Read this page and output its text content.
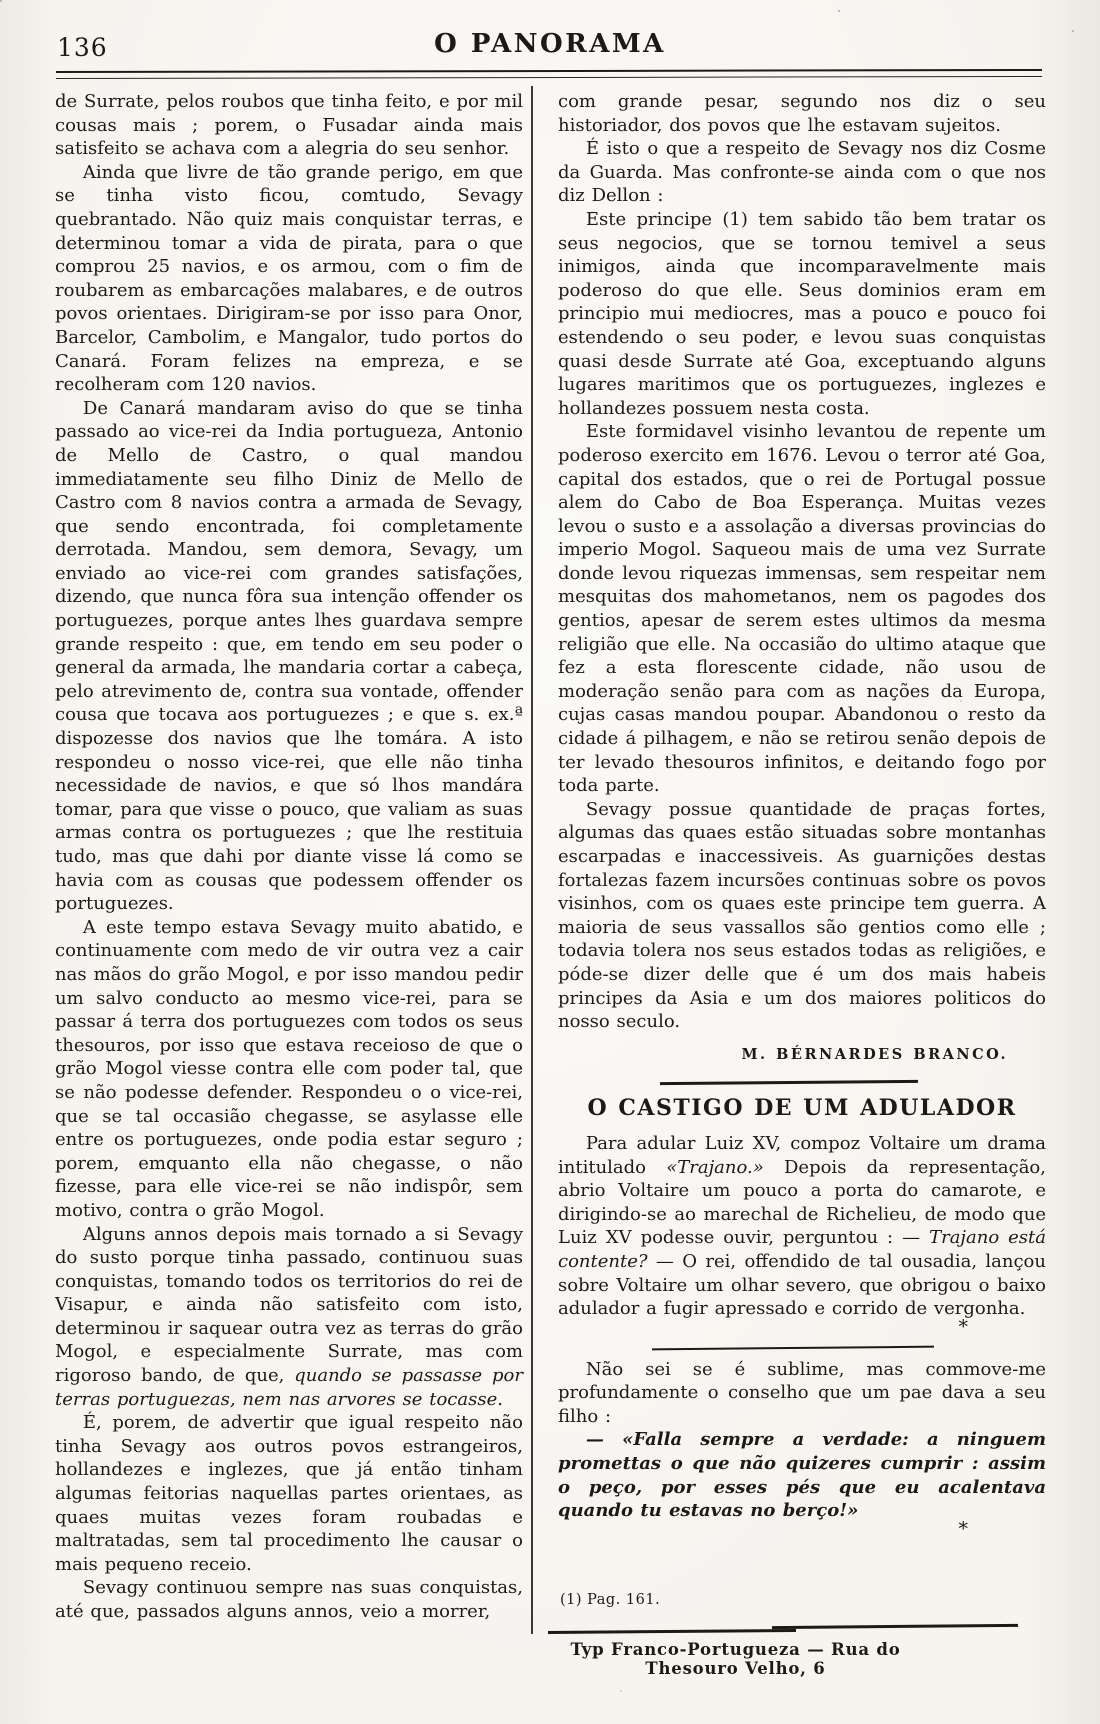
136	O PANORAMA

de Surrate, pelos roubos que tinha feito, e por mil cousas mais ; porem, o Fusadar ainda mais satisfeito se achava com a alegria do seu senhor.

Ainda que livre de tão grande perigo, em que se tinha visto ficou, comtudo, Sevagy quebrantado. Não quiz mais conquistar terras, e determinou tomar a vida de pirata, para o que comprou 25 navios, e os armou, com o fim de roubarem as embarcações malabares, e de outros povos orientaes. Dirigiram-se por isso para Onor, Barcelor, Cambolim, e Mangalor, tudo portos do Canará. Foram felizes na empreza, e se recolheram com 120 navios.

De Canará mandaram aviso do que se tinha passado ao vice-rei da India portugueza, Antonio de Mello de Castro, o qual mandou immediatamente seu filho Diniz de Mello de Castro com 8 navios contra a armada de Sevagy, que sendo encontrada, foi completamente derrotada. Mandou, sem demora, Sevagy, um enviado ao vice-rei com grandes satisfações, dizendo, que nunca fôra sua intenção offender os portuguezes, porque antes lhes guardava sempre grande respeito : que, em tendo em seu poder o general da armada, lhe mandaria cortar a cabeça, pelo atrevimento de, contra sua vontade, offender cousa que tocava aos portuguezes ; e que s. ex.ª dispozesse dos navios que lhe tomára. A isto respondeu o nosso vice-rei, que elle não tinha necessidade de navios, e que só lhos mandára tomar, para que visse o pouco, que valiam as suas armas contra os portuguezes ; que lhe restituia tudo, mas que dahi por diante visse lá como se havia com as cousas que podessem offender os portuguezes.

A este tempo estava Sevagy muito abatido, e continuamente com medo de vir outra vez a cair nas mãos do grão Mogol, e por isso mandou pedir um salvo conducto ao mesmo vice-rei, para se passar á terra dos portuguezes com todos os seus thesouros, por isso que estava receioso de que o grão Mogol viesse contra elle com poder tal, que se não podesse defender. Respondeu o o vice-rei, que se tal occasião chegasse, se asylasse elle entre os portuguezes, onde podia estar seguro ; porem, emquanto ella não chegasse, o não fizesse, para elle vice-rei se não indispôr, sem motivo, contra o grão Mogol.

Alguns annos depois mais tornado a si Sevagy do susto porque tinha passado, continuou suas conquistas, tomando todos os territorios do rei de Visapur, e ainda não satisfeito com isto, determinou ir saquear outra vez as terras do grão Mogol, e especialmente Surrate, mas com rigoroso bando, de que, quando se passasse por terras portuguezas, nem nas arvores se tocasse.

É, porem, de advertir que igual respeito não tinha Sevagy aos outros povos estrangeiros, hollandezes e inglezes, que já então tinham algumas feitorias naquellas partes orientaes, as quaes muitas vezes foram roubadas e maltratadas, sem tal procedimento lhe causar o mais pequeno receio.

Sevagy continuou sempre nas suas conquistas, até que, passados alguns annos, veio a morrer,

com grande pesar, segundo nos diz o seu historiador, dos povos que lhe estavam sujeitos.

É isto o que a respeito de Sevagy nos diz Cosme da Guarda. Mas confronte-se ainda com o que nos diz Dellon :

Este principe (1) tem sabido tão bem tratar os seus negocios, que se tornou temivel a seus inimigos, ainda que incomparavelmente mais poderoso do que elle. Seus dominios eram em principio mui mediocres, mas a pouco e pouco foi estendendo o seu poder, e levou suas conquistas quasi desde Surrate até Goa, exceptuando alguns lugares maritimos que os portuguezes, inglezes e hollandezes possuem nesta costa.

Este formidavel visinho levantou de repente um poderoso exercito em 1676. Levou o terror até Goa, capital dos estados, que o rei de Portugal possue alem do Cabo de Boa Esperança. Muitas vezes levou o susto e a assolação a diversas provincias do imperio Mogol. Saqueou mais de uma vez Surrate donde levou riquezas immensas, sem respeitar nem mesquitas dos mahometanos, nem os pagodes dos gentios, apesar de serem estes ultimos da mesma religião que elle. Na occasião do ultimo ataque que fez a esta florescente cidade, não usou de moderação senão para com as nações da Europa, cujas casas mandou poupar. Abandonou o resto da cidade á pilhagem, e não se retirou senão depois de ter levado thesouros infinitos, e deitando fogo por toda parte.

Sevagy possue quantidade de praças fortes, algumas das quaes estão situadas sobre montanhas escarpadas e inaccessiveis. As guarnições destas fortalezas fazem incursões continuas sobre os povos visinhos, com os quaes este principe tem guerra. A maioria de seus vassallos são gentios como elle ; todavia tolera nos seus estados todas as religiões, e póde-se dizer delle que é um dos mais habeis principes da Asia e um dos maiores politicos do nosso seculo.

M. BÉRNARDES BRANCO.
O CASTIGO DE UM ADULADOR

Para adular Luiz XV, compoz Voltaire um drama intitulado «Trajano.» Depois da representação, abrio Voltaire um pouco a porta do camarote, e dirigindo-se ao marechal de Richelieu, de modo que Luiz XV podesse ouvir, perguntou : — Trajano está contente? — O rei, offendido de tal ousadia, lançou sobre Voltaire um olhar severo, que obrigou o baixo adulador a fugir apressado e corrido de vergonha.

*

Não sei se é sublime, mas commove-me profundamente o conselho que um pae dava a seu filho :

— «Falla sempre a verdade: a ninguem promettas o que não quizeres cumprir : assim o peço, por esses pés que eu acalentava quando tu estavas no berço!»

*
(1) Pag. 161.
Typ Franco-Portugueza — Rua do Thesouro Velho, 6
